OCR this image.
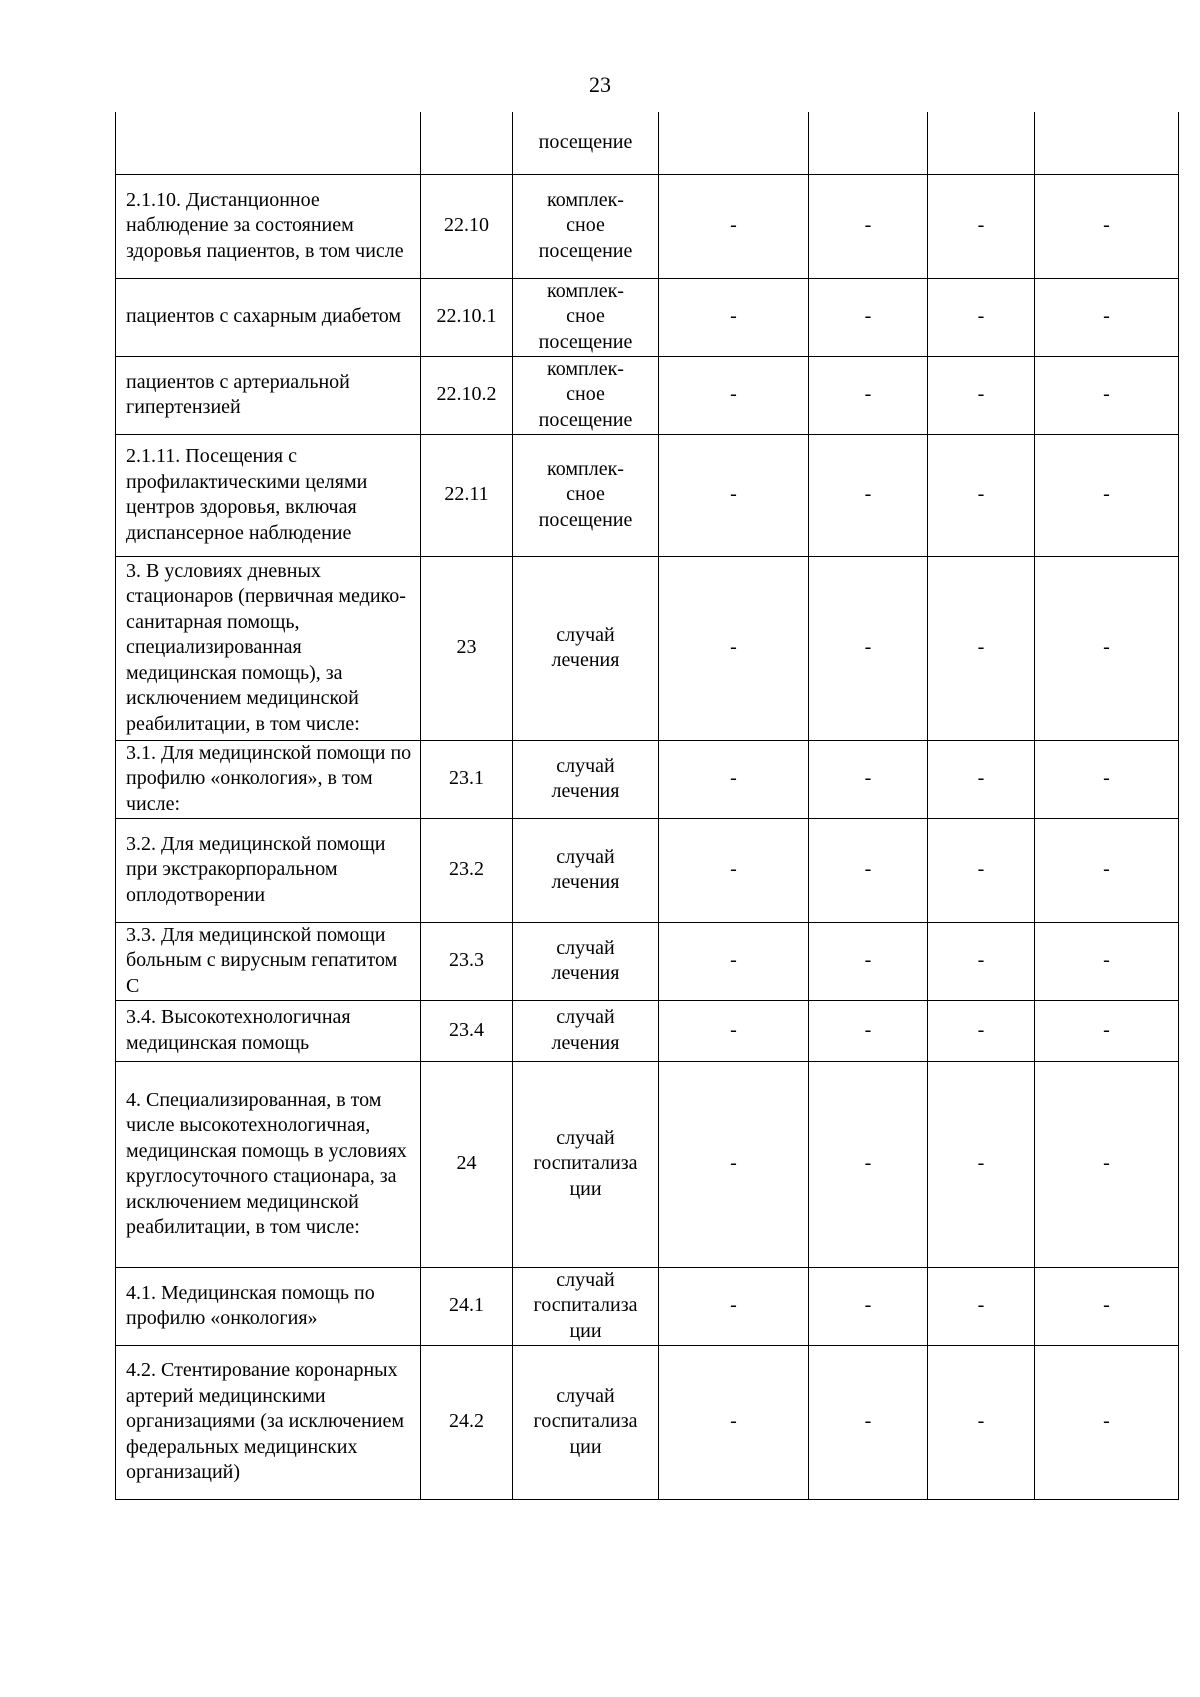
23

		посещение				

2.1.10. Дистанционное наблюдение за состоянием здоровья пациентов, в том числе	22.10	комплек-
сное
посещение	-	-	-	-
пациентов с сахарным диабетом	22.10.1	комплек-
сное
посещение	-	-	-	-
пациентов с артериальной гипертензией	22.10.2	комплек-
сное
посещение	-	-	-	-
2.1.11. Посещения с профилактическими целями центров здоровья, включая диспансерное наблюдение	22.11	комплек-
сное
посещение	-	-	-	-
3. В условиях дневных стационаров (первичная медико-санитарная помощь, специализированная медицинская помощь), за исключением медицинской реабилитации, в том числе:	23	случай
лечения	-	-	-	-
3.1. Для медицинской помощи по профилю «онкология», в том числе:	23.1	случай
лечения	-	-	-	-
3.2. Для медицинской помощи при экстракорпоральном оплодотворении	23.2	случай
лечения	-	-	-	-
3.3. Для медицинской помощи больным с вирусным гепатитом С	23.3	случай
лечения	-	-	-	-
3.4. Высокотехнологичная медицинская помощь	23.4	случай
лечения	-	-	-	-
4. Специализированная, в том числе высокотехнологичная, медицинская помощь в условиях круглосуточного стационара, за исключением медицинской реабилитации, в том числе:	24	случай
госпитализа
ции	-	-	-	-
4.1. Медицинская помощь по профилю «онкология»	24.1	случай
госпитализа
ции	-	-	-	-
4.2. Стентирование коронарных артерий медицинскими организациями (за исключением федеральных медицинских организаций)	24.2	случай
госпитализа
ции	-	-	-	-
